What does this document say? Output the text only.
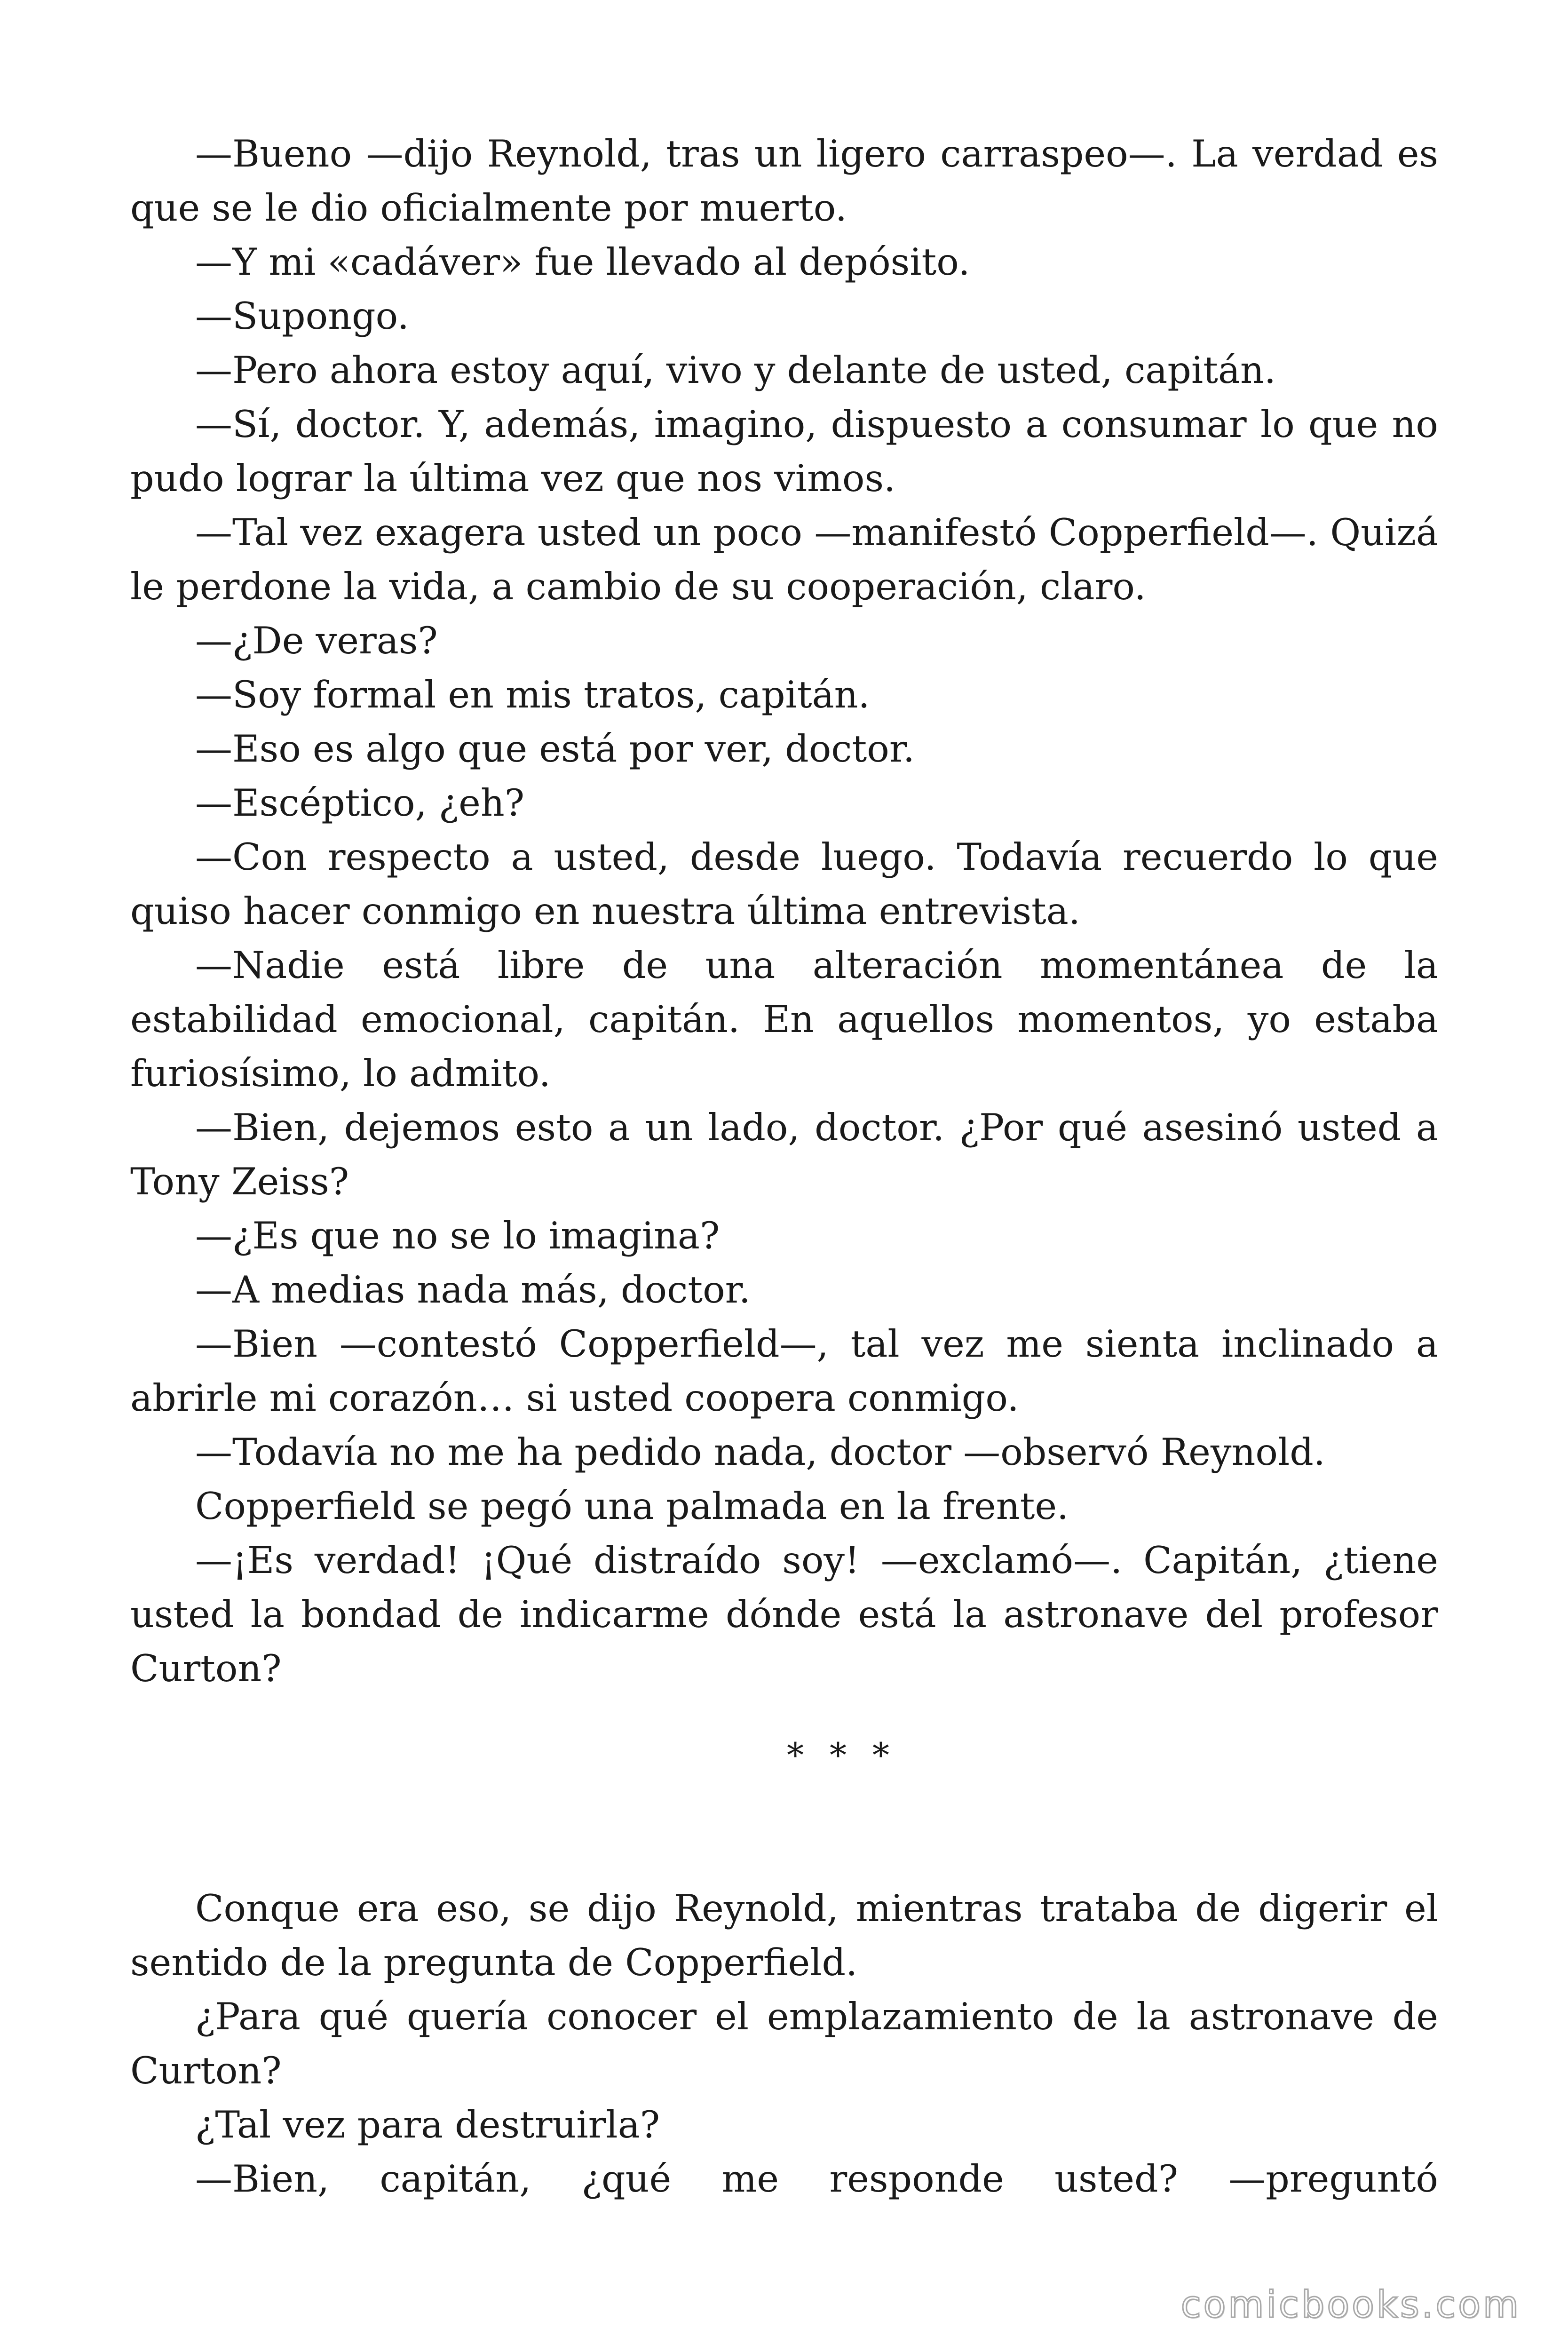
—Bueno —dijo Reynold, tras un ligero carraspeo—. La verdad es que se le dio oficialmente por muerto.

—Y mi «cadáver» fue llevado al depósito.

—Supongo.

—Pero ahora estoy aquí, vivo y delante de usted, capitán.

—Sí, doctor. Y, además, imagino, dispuesto a consumar lo que no pudo lograr la última vez que nos vimos.

—Tal vez exagera usted un poco —manifestó Copperfield—. Quizá le perdone la vida, a cambio de su cooperación, claro.

—¿De veras?

—Soy formal en mis tratos, capitán.

—Eso es algo que está por ver, doctor.

—Escéptico, ¿eh?

—Con respecto a usted, desde luego. Todavía recuerdo lo que quiso hacer conmigo en nuestra última entrevista.

—Nadie está libre de una alteración momentánea de la estabilidad emocional, capitán. En aquellos momentos, yo estaba furiosísimo, lo admito.

—Bien, dejemos esto a un lado, doctor. ¿Por qué asesinó usted a Tony Zeiss?

—¿Es que no se lo imagina?

—A medias nada más, doctor.

—Bien —contestó Copperfield—, tal vez me sienta inclinado a abrirle mi corazón… si usted coopera conmigo.

—Todavía no me ha pedido nada, doctor —observó Reynold.

Copperfield se pegó una palmada en la frente.

—¡Es verdad! ¡Qué distraído soy! —exclamó—. Capitán, ¿tiene usted la bondad de indicarme dónde está la astronave del profesor Curton?

* * *

Conque era eso, se dijo Reynold, mientras trataba de digerir el sentido de la pregunta de Copperfield.

¿Para qué quería conocer el emplazamiento de la astronave de Curton?

¿Tal vez para destruirla?

—Bien, capitán, ¿qué me responde usted? —preguntó

comicbooks.com
